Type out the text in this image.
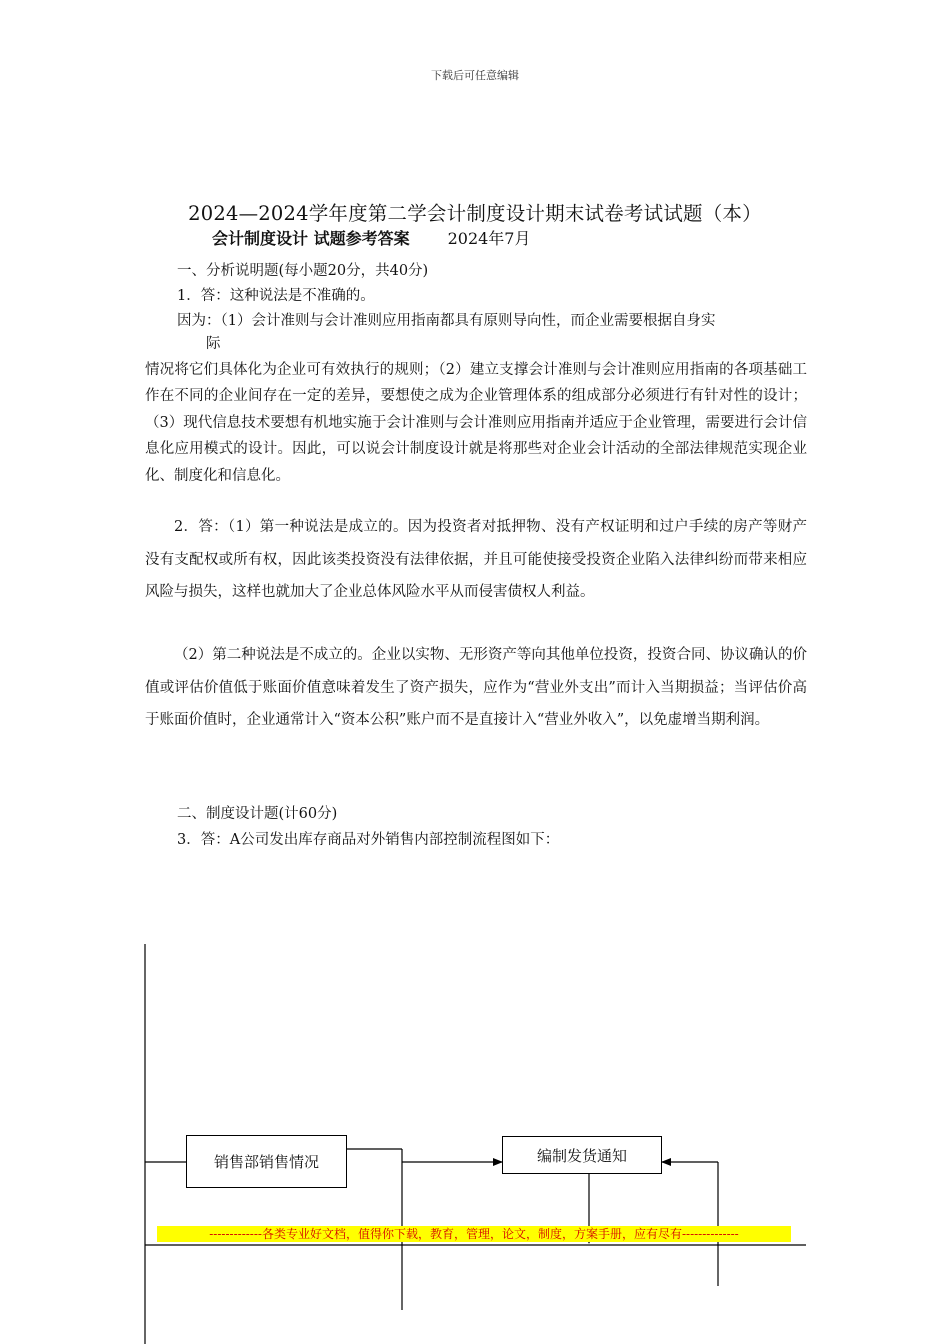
下载后可任意编辑
2024—2024学年度第二学会计制度设计期末试卷考试试题（本）
会计制度设计 试题参考答案 2024年7月
一、分析说明题(每小题20分，共40分)
1．答：这种说法是不准确的。
因为：（1）会计准则与会计准则应用指南都具有原则导向性，而企业需要根据自身实
际
情况将它们具体化为企业可有效执行的规则；（2）建立支撑会计准则与会计准则应用指南的各项基础工作在不同的企业间存在一定的差异，要想使之成为企业管理体系的组成部分必须进行有针对性的设计；（3）现代信息技术要想有机地实施于会计准则与会计准则应用指南并适应于企业管理，需要进行会计信息化应用模式的设计。因此，可以说会计制度设计就是将那些对企业会计活动的全部法律规范实现企业化、制度化和信息化。
2．答：（1）第一种说法是成立的。因为投资者对抵押物、没有产权证明和过户手续的房产等财产没有支配权或所有权，因此该类投资没有法律依据，并且可能使接受投资企业陷入法律纠纷而带来相应风险与损失，这样也就加大了企业总体风险水平从而侵害债权人利益。
（2）第二种说法是不成立的。企业以实物、无形资产等向其他单位投资，投资合同、协议确认的价值或评估价值低于账面价值意味着发生了资产损失，应作为“营业外支出”而计入当期损益；当评估价高于账面价值时，企业通常计入“资本公积”账户而不是直接计入“营业外收入”，以免虚增当期利润。
二、制度设计题(计60分)
3．答：A公司发出库存商品对外销售内部控制流程图如下：
销售部销售情况	编制发货通知
-------------各类专业好文档，值得你下载，教育，管理，论文，制度，方案手册，应有尽有--------------
